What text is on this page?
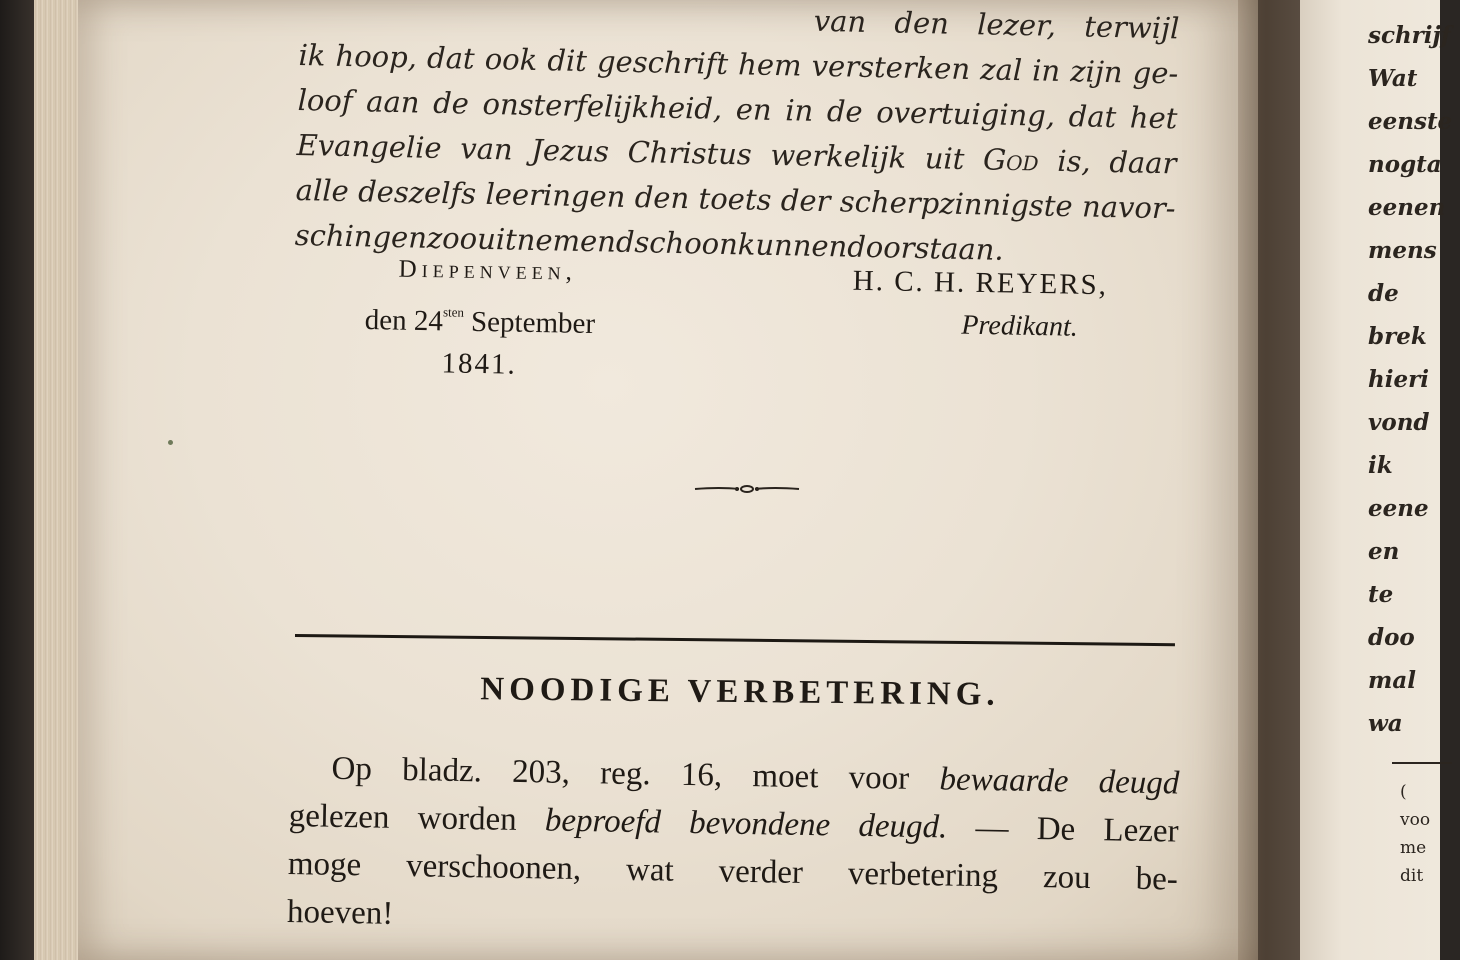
van den lezer, terwijl
ik hoop, dat ook dit geschrift hem versterken zal in zijn ge-
loof aan de onsterfelijkheid, en in de overtuiging, dat het
Evangelie van Jezus Christus werkelijk uit God is, daar
alle deszelfs leeringen den toets der scherpzinnigste navor-
schingen zoo uitnemend schoon kunnen doorstaan.
Diepenveen,
den $24^{sten}$ September
1841.
H. C. H. REYERS,
Predikant.
NOODIGE VERBETERING.
Op bladz. 203, reg. 16, moet voor bewaarde deugd
gelezen worden beproefd bevondene deugd. — De Lezer
moge verschoonen, wat verder verbetering zou be-
hoeven!
schrijf
Wat
eenste
nogta
eenen
mens
de
brek
hieri
vond
ik
eene
en
te
doo
mal
wa
(
voo
me
dit
